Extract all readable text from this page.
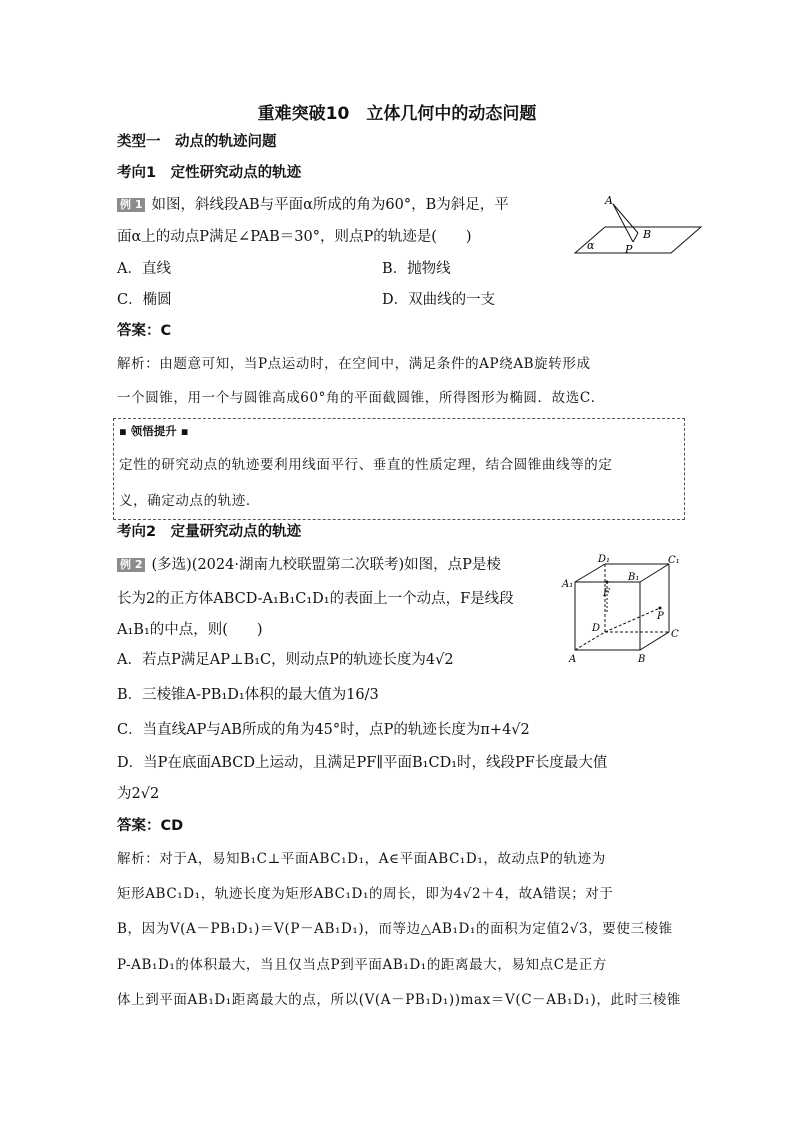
重难突破10　立体几何中的动态问题
类型一　动点的轨迹问题
考向1　定性研究动点的轨迹
例 1 如图，斜线段AB与平面α所成的角为60°，B为斜足，平
面α上的动点P满足∠PAB＝30°，则点P的轨迹是(　　)
A
B
P
α
A．直线	B．抛物线
C．椭圆	D．双曲线的一支
答案：C
解析：由题意可知，当P点运动时，在空间中，满足条件的AP绕AB旋转形成
一个圆锥，用一个与圆锥高成60°角的平面截圆锥，所得图形为椭圆．故选C．
▪ 领悟提升 ▪
定性的研究动点的轨迹要利用线面平行、垂直的性质定理，结合圆锥曲线等的定
义，确定动点的轨迹．
考向2　定量研究动点的轨迹
例 2 (多选)(2024·湖南九校联盟第二次联考)如图，点P是棱
长为2的正方体ABCD-A₁B₁C₁D₁的表面上一个动点，F是线段
A₁B₁的中点，则(　　)
D₁	C₁
A₁
B₁
F
D
P
C
A	B
A．若点P满足AP⊥B₁C，则动点P的轨迹长度为4√2
B．三棱锥A-PB₁D₁体积的最大值为16/3
C．当直线AP与AB所成的角为45°时，点P的轨迹长度为π+4√2
D．当P在底面ABCD上运动，且满足PF∥平面B₁CD₁时，线段PF长度最大值
为2√2
答案：CD
解析：对于A，易知B₁C⊥平面ABC₁D₁，A∈平面ABC₁D₁，故动点P的轨迹为
矩形ABC₁D₁，轨迹长度为矩形ABC₁D₁的周长，即为4√2＋4，故A错误；对于
B，因为V(A－PB₁D₁)＝V(P－AB₁D₁)，而等边△AB₁D₁的面积为定值2√3，要使三棱锥
P-AB₁D₁的体积最大，当且仅当点P到平面AB₁D₁的距离最大，易知点C是正方
体上到平面AB₁D₁距离最大的点，所以(V(A－PB₁D₁))max＝V(C－AB₁D₁)，此时三棱锥
